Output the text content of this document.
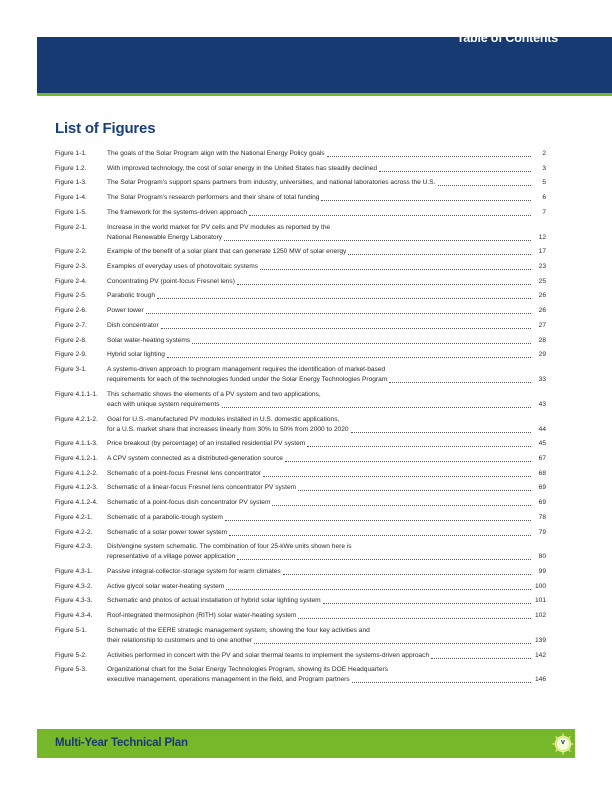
Table of Contents
List of Figures
Figure 1-1.	The goals of the Solar Program align with the National Energy Policy goals	2
Figure 1.2.	With improved technology, the cost of solar energy in the United States has steadily declined	3
Figure 1-3.	The Solar Program’s support spans partners from industry, universities, and national laboratories across the U.S.	5
Figure 1-4.	The Solar Program’s research performers and their share of total funding	6
Figure 1-5.	The framework for the systems-driven approach	7
Figure 2-1.	Increase in the world market for PV cells and PV modules as reported by the
National Renewable Energy Laboratory	12
Figure 2-2.	Example of the benefit of a solar plant that can generate 1250 MW of solar energy	17
Figure 2-3.	Examples of everyday uses of photovoltaic systems	23
Figure 2-4.	Concentrating PV (point-focus Fresnel lens)	25
Figure 2-5.	Parabolic trough	26
Figure 2-6.	Power tower	26
Figure 2-7.	Dish concentrator	27
Figure 2-8.	Solar water-heating systems	28
Figure 2-9.	Hybrid solar lighting	29
Figure 3-1.	A systems-driven approach to program management requires the identification of market-based
requirements for each of the technologies funded under the Solar Energy Technologies Program	33
Figure 4.1.1-1.	This schematic shows the elements of a PV system and two applications,
each with unique system requirements	43
Figure 4.2.1-2.	Goal for U.S.-manufactured PV modules installed in U.S. domestic applications,
for a U.S. market share that increases linearly from 30% to 50% from 2000 to 2020	44
Figure 4.1.1-3.	Price breakout (by percentage) of an installed residential PV system	45
Figure 4.1.2-1.	A CPV system connected as a distributed-generation source	67
Figure 4.1.2-2.	Schematic of a point-focus Fresnel lens concentrator	68
Figure 4.1.2-3.	Schematic of a linear-focus Fresnel lens concentrator PV system	69
Figure 4.1.2-4.	Schematic of a point-focus dish concentrator PV system	69
Figure 4.2-1.	Schematic of a parabolic-trough system	78
Figure 4.2-2.	Schematic of a solar power tower system	79
Figure 4.2-3.	Dish/engine system schematic. The combination of four 25-kWe units shown here is
representative of a village power application	80
Figure 4.3-1.	Passive integral-collector-storage system for warm climates	99
Figure 4.3-2.	Active glycol solar water-heating system	100
Figure 4.3-3.	Schematic and photos of actual installation of hybrid solar lighting system	101
Figure 4.3-4.	Roof-integrated thermosiphon (RITH) solar water-heating system	102
Figure 5-1.	Schematic of the EERE strategic management system, showing the four key activities and
their relationship to customers and to one another	139
Figure 5-2.	Activities performed in concert with the PV and solar thermal teams to implement the systems-driven approach	142
Figure 5-3.	Organizational chart for the Solar Energy Technologies Program, showing its DOE Headquarters
executive management, operations management in the field, and Program partners	146
Multi-Year Technical Plan	v
